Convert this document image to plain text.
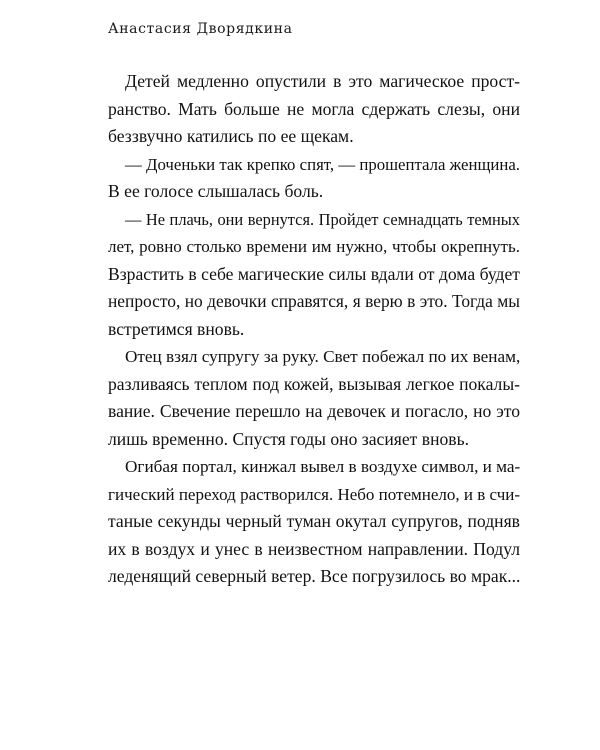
Анастасия Дворядкина
Детей медленно опустили в это магическое прост-
ранство. Мать больше не могла сдержать слезы, они
беззвучно катились по ее щекам.
— Доченьки так крепко спят, — прошептала женщина.
В ее голосе слышалась боль.
— Не плачь, они вернутся. Пройдет семнадцать темных
лет, ровно столько времени им нужно, чтобы окрепнуть.
Взрастить в себе магические силы вдали от дома будет
непросто, но девочки справятся, я верю в это. Тогда мы
встретимся вновь.
Отец взял супругу за руку. Свет побежал по их венам,
разливаясь теплом под кожей, вызывая легкое покалы-
вание. Свечение перешло на девочек и погасло, но это
лишь временно. Спустя годы оно засияет вновь.
Огибая портал, кинжал вывел в воздухе символ, и ма-
гический переход растворился. Небо потемнело, и в счи-
таные секунды черный туман окутал супругов, подняв
их в воздух и унес в неизвестном направлении. Подул
леденящий северный ветер. Все погрузилось во мрак...
